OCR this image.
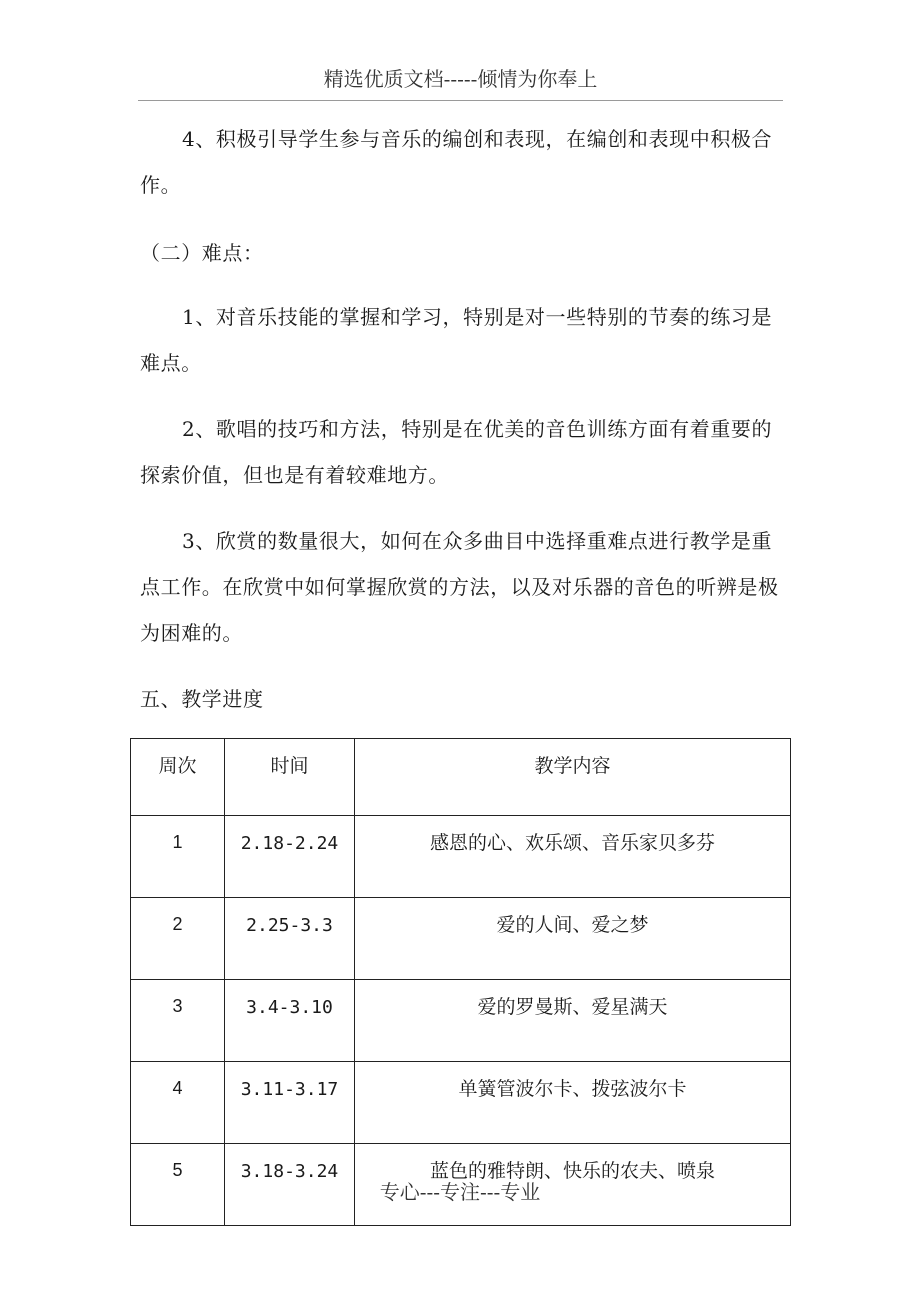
精选优质文档-----倾情为你奉上
4、积极引导学生参与音乐的编创和表现，在编创和表现中积极合作。
（二）难点：
1、对音乐技能的掌握和学习，特别是对一些特别的节奏的练习是难点。
2、歌唱的技巧和方法，特别是在优美的音色训练方面有着重要的探索价值，但也是有着较难地方。
3、欣赏的数量很大，如何在众多曲目中选择重难点进行教学是重点工作。在欣赏中如何掌握欣赏的方法，以及对乐器的音色的听辨是极为困难的。
五、教学进度
周次	时间	教学内容
1	2.18-2.24	感恩的心、欢乐颂、音乐家贝多芬
2	2.25-3.3	爱的人间、爱之梦
3	3.4-3.10	爱的罗曼斯、爱星满天
4	3.11-3.17	单簧管波尔卡、拨弦波尔卡
5	3.18-3.24	蓝色的雅特朗、快乐的农夫、喷泉
专心---专注---专业
